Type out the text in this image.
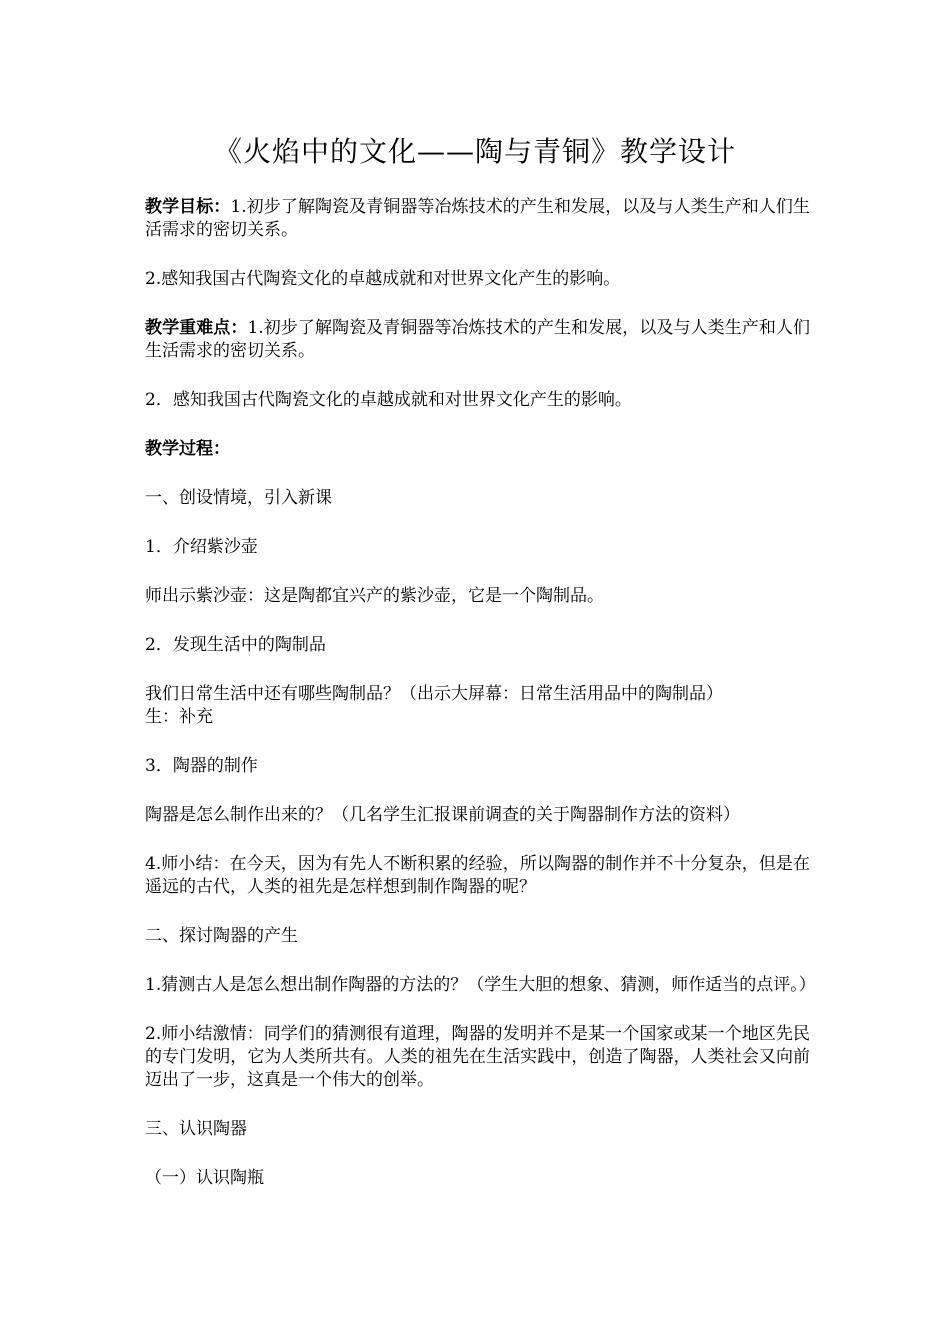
《火焰中的文化——陶与青铜》教学设计

教学目标：1.初步了解陶瓷及青铜器等冶炼技术的产生和发展，以及与人类生产和人们生活需求的密切关系。

2.感知我国古代陶瓷文化的卓越成就和对世界文化产生的影响。

教学重难点：1.初步了解陶瓷及青铜器等冶炼技术的产生和发展，以及与人类生产和人们生活需求的密切关系。

2．感知我国古代陶瓷文化的卓越成就和对世界文化产生的影响。

教学过程：

一、创设情境，引入新课

1．介绍紫沙壶

师出示紫沙壶：这是陶都宜兴产的紫沙壶，它是一个陶制品。

2．发现生活中的陶制品

我们日常生活中还有哪些陶制品？（出示大屏幕：日常生活用品中的陶制品）
生：补充

3．陶器的制作

陶器是怎么制作出来的？（几名学生汇报课前调查的关于陶器制作方法的资料）

4.师小结：在今天，因为有先人不断积累的经验，所以陶器的制作并不十分复杂，但是在遥远的古代，人类的祖先是怎样想到制作陶器的呢？

二、探讨陶器的产生

1.猜测古人是怎么想出制作陶器的方法的？（学生大胆的想象、猜测，师作适当的点评。）

2.师小结激情：同学们的猜测很有道理，陶器的发明并不是某一个国家或某一个地区先民的专门发明，它为人类所共有。人类的祖先在生活实践中，创造了陶器，人类社会又向前迈出了一步，这真是一个伟大的创举。

三、认识陶器

（一）认识陶瓶
